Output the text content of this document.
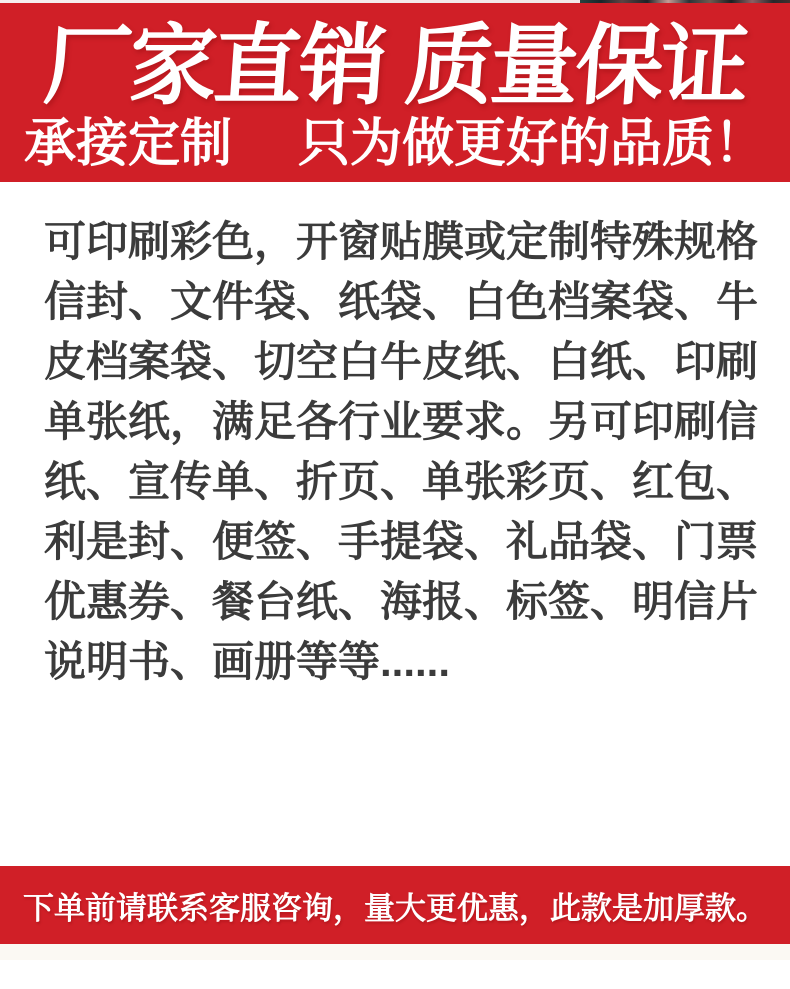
厂家直销 质量保证
承接定制 只为做更好的品质！
可印刷彩色，开窗贴膜或定制特殊规格
信封、文件袋、纸袋、白色档案袋、牛
皮档案袋、切空白牛皮纸、白纸、印刷
单张纸，满足各行业要求。另可印刷信
纸、宣传单、折页、单张彩页、红包、
利是封、便签、手提袋、礼品袋、门票
优惠券、餐台纸、海报、标签、明信片
说明书、画册等等......
下单前请联系客服咨询，量大更优惠，此款是加厚款。
